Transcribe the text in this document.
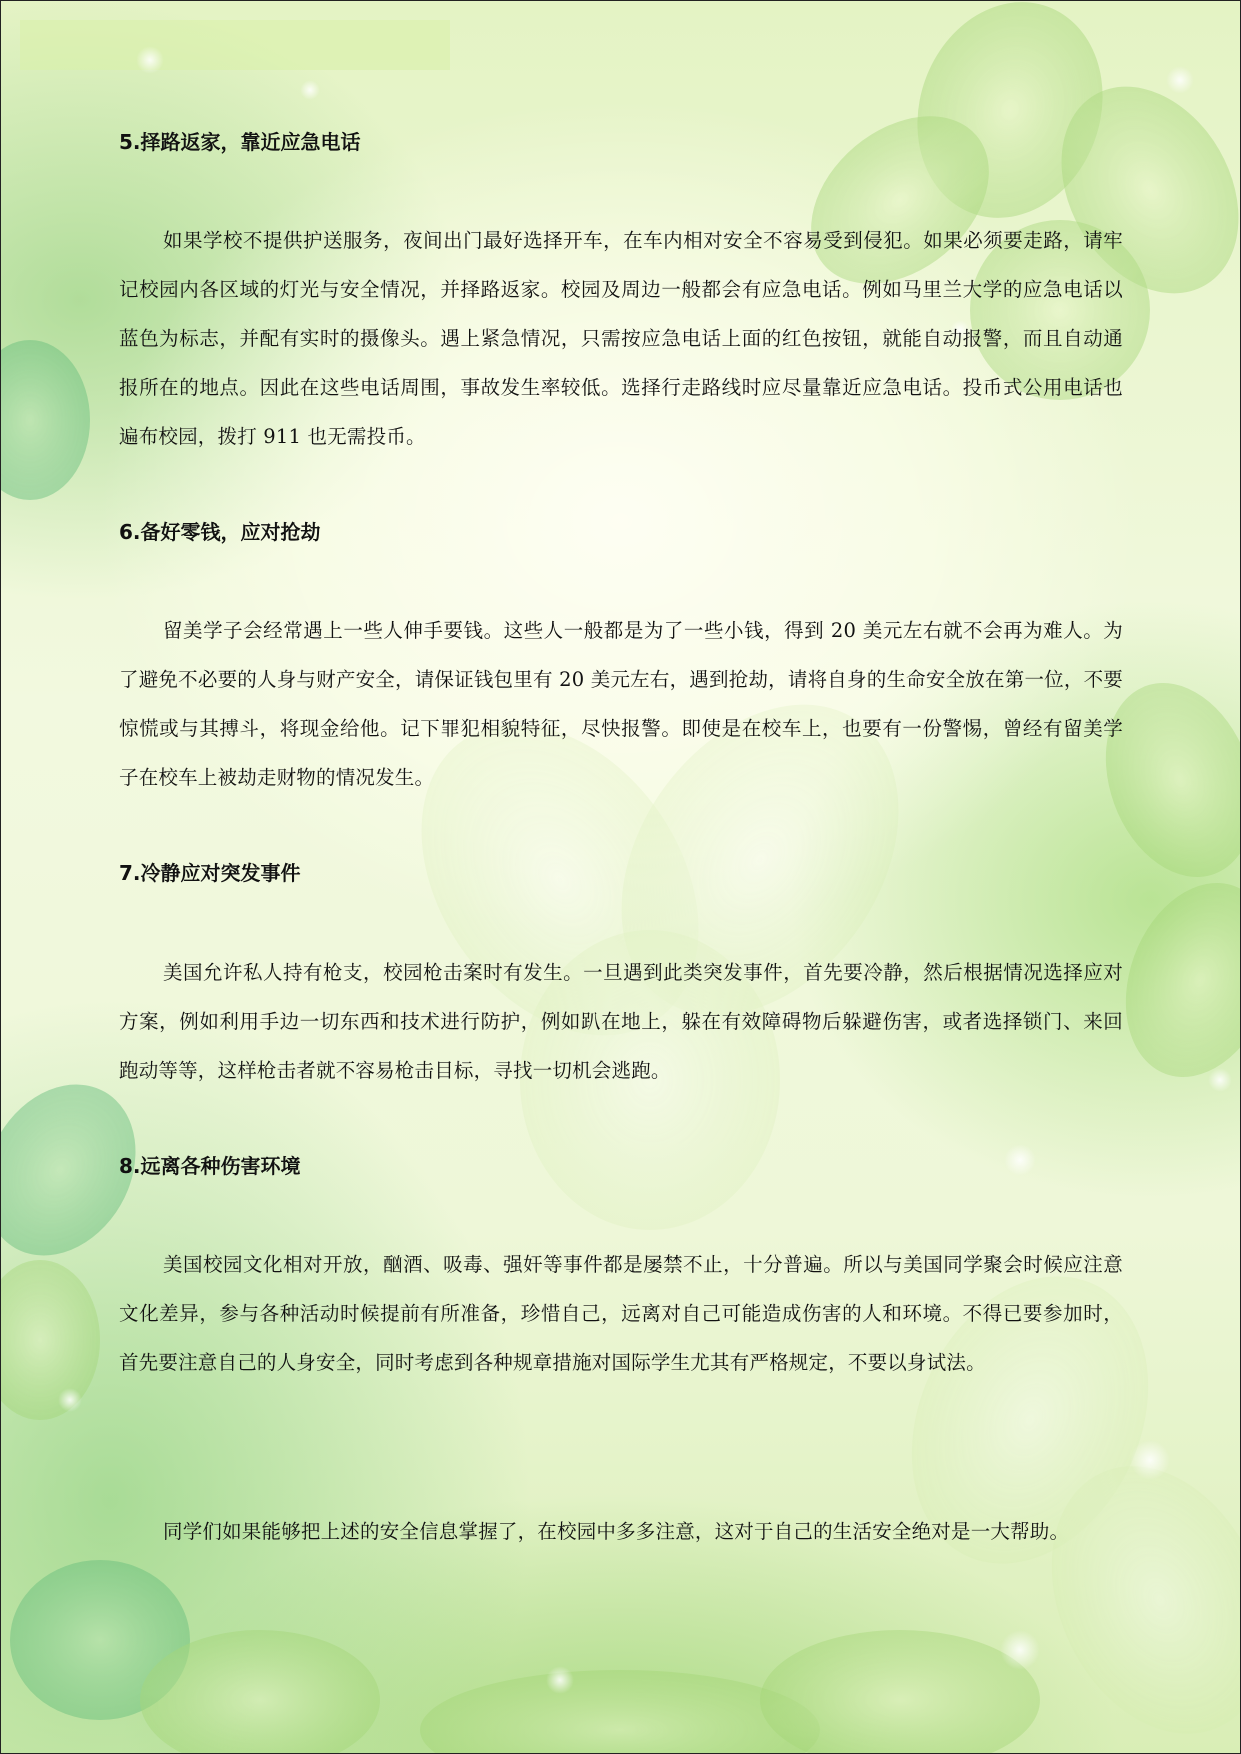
5.择路返家，靠近应急电话

如果学校不提供护送服务，夜间出门最好选择开车，在车内相对安全不容易受到侵犯。如果必须要走路，请牢记校园内各区域的灯光与安全情况，并择路返家。校园及周边一般都会有应急电话。例如马里兰大学的应急电话以蓝色为标志，并配有实时的摄像头。遇上紧急情况，只需按应急电话上面的红色按钮，就能自动报警，而且自动通报所在的地点。因此在这些电话周围，事故发生率较低。选择行走路线时应尽量靠近应急电话。投币式公用电话也遍布校园，拨打 911 也无需投币。

6.备好零钱，应对抢劫

留美学子会经常遇上一些人伸手要钱。这些人一般都是为了一些小钱，得到 20 美元左右就不会再为难人。为了避免不必要的人身与财产安全，请保证钱包里有 20 美元左右，遇到抢劫，请将自身的生命安全放在第一位，不要惊慌或与其搏斗，将现金给他。记下罪犯相貌特征，尽快报警。即使是在校车上，也要有一份警惕，曾经有留美学子在校车上被劫走财物的情况发生。

7.冷静应对突发事件

美国允许私人持有枪支，校园枪击案时有发生。一旦遇到此类突发事件，首先要冷静，然后根据情况选择应对方案，例如利用手边一切东西和技术进行防护，例如趴在地上，躲在有效障碍物后躲避伤害，或者选择锁门、来回跑动等等，这样枪击者就不容易枪击目标，寻找一切机会逃跑。

8.远离各种伤害环境

美国校园文化相对开放，酗酒、吸毒、强奸等事件都是屡禁不止，十分普遍。所以与美国同学聚会时候应注意文化差异，参与各种活动时候提前有所准备，珍惜自己，远离对自己可能造成伤害的人和环境。不得已要参加时，首先要注意自己的人身安全，同时考虑到各种规章措施对国际学生尤其有严格规定，不要以身试法。

同学们如果能够把上述的安全信息掌握了，在校园中多多注意，这对于自己的生活安全绝对是一大帮助。
